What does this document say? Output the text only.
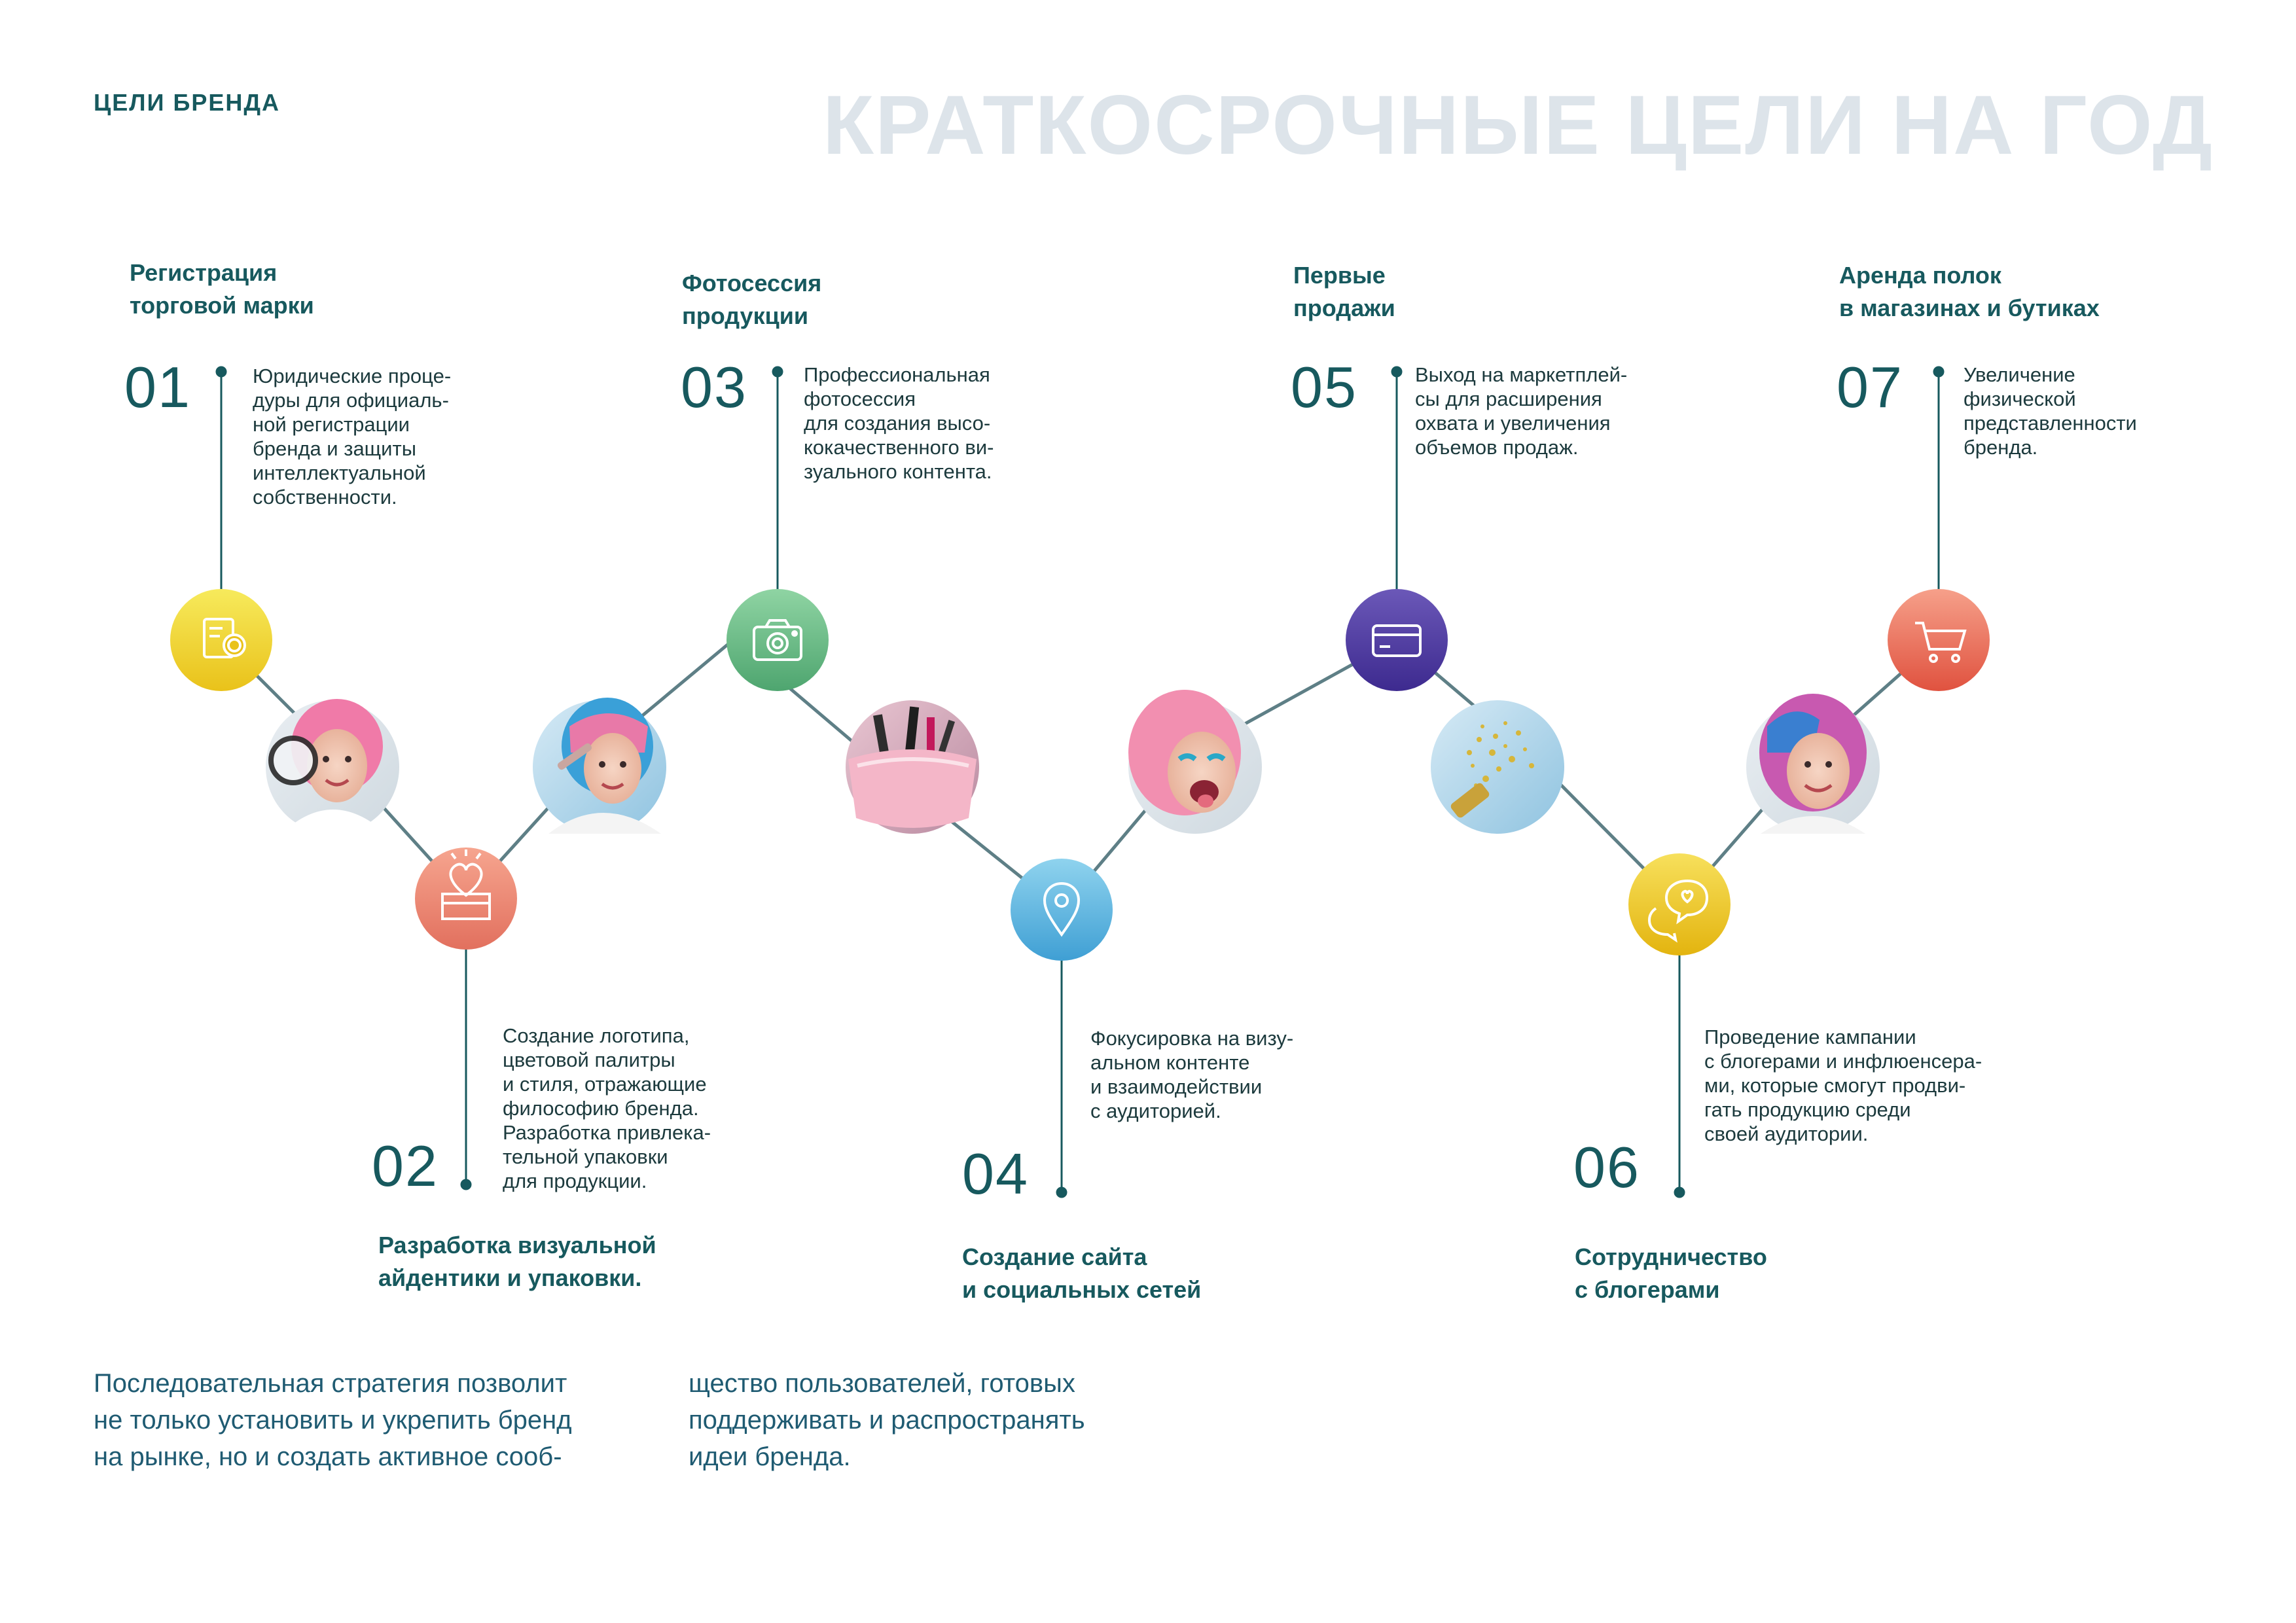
ЦЕЛИ БРЕНДА	КРАТКОСРОЧНЫЕ ЦЕЛИ НА ГОД
Регистрация
торговой марки
01	Юридические проце-
дуры для официаль-
ной регистрации
бренда и защиты
интеллектуальной
собственности.
02
Создание логотипа,
цветовой палитры
и стиля, отражающие
философию бренда.
Разработка привлека-
тельной упаковки
для продукции.
Разработка визуальной
айдентики и упаковки.
Фотосессия
продукции
03	Профессиональная
фотосессия
для создания высо-
кокачественного ви-
зуального контента.
04
Фокусировка на визу-
альном контенте
и взаимодействии
с аудиторией.
Создание сайта
и социальных сетей
Первые
продажи
05	Выход на маркетплей-
сы для расширения
охвата и увеличения
объемов продаж.
06
Проведение кампании
с блогерами и инфлюенсера-
ми, которые смогут продви-
гать продукцию среди
своей аудитории.
Сотрудничество
с блогерами
Аренда полок
в магазинах и бутиках
07	Увеличение
физической
представленности
бренда.
Последовательная стратегия позволит
не только установить и укрепить бренд
на рынке, но и создать активное сооб-
щество пользователей, готовых
поддерживать и распространять
идеи бренда.
